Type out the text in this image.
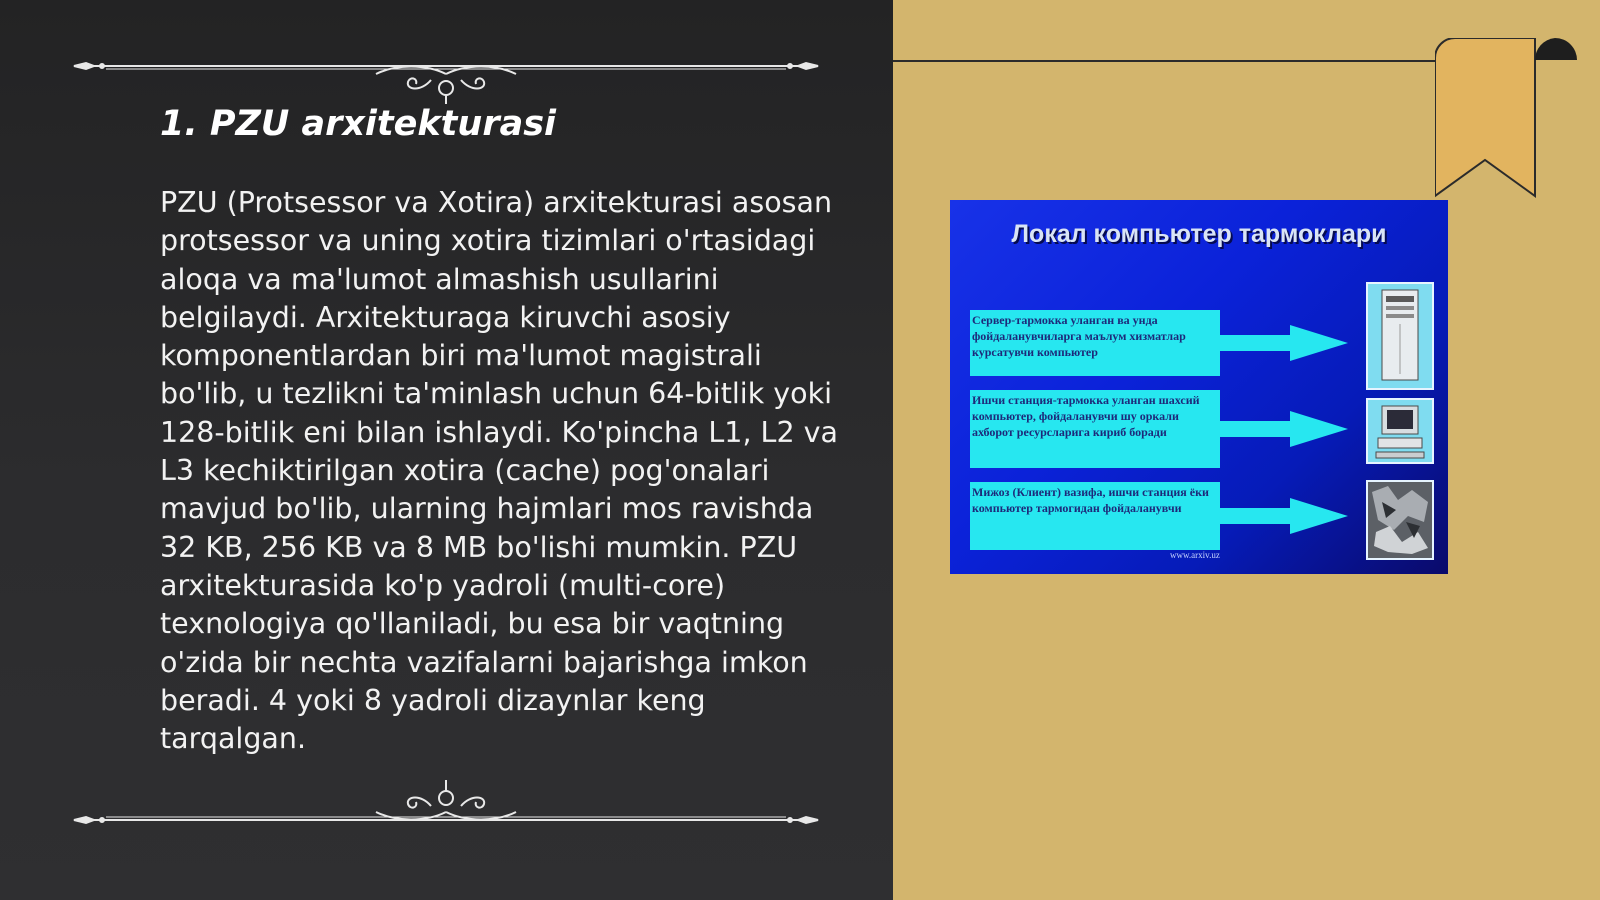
1. PZU arxitekturasi

PZU (Protsessor va Xotira) arxitekturasi asosan protsessor va uning xotira tizimlari o'rtasidagi aloqa va ma'lumot almashish usullarini belgilaydi. Arxitekturaga kiruvchi asosiy komponentlardan biri ma'lumot magistrali bo'lib, u tezlikni ta'minlash uchun 64-bitlik yoki 128-bitlik eni bilan ishlaydi. Ko'pincha L1, L2 va L3 kechiktirilgan xotira (cache) pog'onalari mavjud bo'lib, ularning hajmlari mos ravishda 32 KB, 256 KB va 8 MB bo'lishi mumkin. PZU arxitekturasida ko'p yadroli (multi-core) texnologiya qo'llaniladi, bu esa bir vaqtning o'zida bir nechta vazifalarni bajarishga imkon beradi. 4 yoki 8 yadroli dizaynlar keng tarqalgan.

Локал компьютер тармоклари
Сервер-тармокка уланган ва унда фойдаланувчиларга маълум хизматлар курсатувчи компьютер
Ишчи станция-тармокка уланган шахсий компьютер, фойдаланувчи шу оркали ахборот ресурсларига кириб боради
Мижоз (Клиент) вазифа, ишчи станция ёки компьютер тармогидан фойдаланувчи
www.arxiv.uz
